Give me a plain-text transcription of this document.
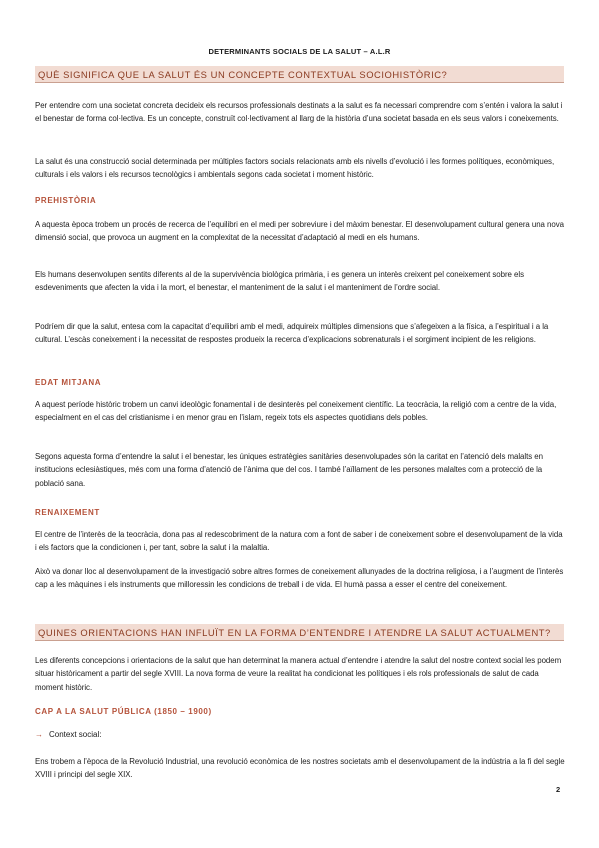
DETERMINANTS SOCIALS DE LA SALUT – A.L.R
QUÈ SIGNIFICA QUE LA SALUT ÉS UN CONCEPTE CONTEXTUAL SOCIOHISTÒRIC?
Per entendre com una societat concreta decideix els recursos professionals destinats a la salut es fa necessari comprendre com s’entén i valora la salut i el benestar de forma col·lectiva. Es un concepte, construït col·lectivament al llarg de la història d’una societat basada en els seus valors i coneixements.
La salut és una construcció social determinada per múltiples factors socials relacionats amb els nivells d’evolució i les formes polítiques, econòmiques, culturals i els valors i els recursos tecnològics i ambientals segons cada societat i moment històric.
PREHISTÒRIA
A aquesta època trobem un procés de recerca de l’equilibri en el medi per sobreviure i del màxim benestar. El desenvolupament cultural genera una nova dimensió social, que provoca un augment en la complexitat de la necessitat d’adaptació al medi en els humans.
Els humans desenvolupen sentits diferents al de la supervivència biològica primària, i es genera un interès creixent pel coneixement sobre els esdeveniments que afecten la vida i la mort, el benestar, el manteniment de la salut i el manteniment de l’ordre social.
Podríem dir que la salut, entesa com la capacitat d’equilibri amb el medi, adquireix múltiples dimensions que s’afegeixen a la física, a l’espiritual i a la cultural. L’escàs coneixement i la necessitat de respostes produeix la recerca d’explicacions sobrenaturals i el sorgiment incipient de les religions.
EDAT MITJANA
A aquest període històric trobem un canvi ideològic fonamental i de desinterès pel coneixement científic. La teocràcia, la religió com a centre de la vida, especialment en el cas del cristianisme i en menor grau en l’islam, regeix tots els aspectes quotidians dels pobles.
Segons aquesta forma d’entendre la salut i el benestar, les úniques estratègies sanitàries desenvolupades són la caritat en l’atenció dels malalts en institucions eclesiàstiques, més com una forma d’atenció de l’ànima que del cos. I també l’aïllament de les persones malaltes com a protecció de la població sana.
RENAIXEMENT
El centre de l’interès de la teocràcia, dona pas al redescobriment de la natura com a font de saber i de coneixement sobre el desenvolupament de la vida i els factors que la condicionen i, per tant, sobre la salut i la malaltia.
Això va donar lloc al desenvolupament de la investigació sobre altres formes de coneixement allunyades de la doctrina religiosa, i a l’augment de l’interès cap a les màquines i els instruments que milloressin les condicions de treball i de vida. El humà passa a esser el centre del coneixement.
QUINES ORIENTACIONS HAN INFLUÏT EN LA FORMA D’ENTENDRE I ATENDRE LA SALUT ACTUALMENT?
Les diferents concepcions i orientacions de la salut que han determinat la manera actual d’entendre i atendre la salut del nostre context social les podem situar històricament a partir del segle XVIII. La nova forma de veure la realitat ha condicionat les polítiques i els rols professionals de salut de cada moment històric.
CAP A LA SALUT PÚBLICA (1850 – 1900)
→ Context social:
Ens trobem a l’època de la Revolució Industrial, una revolució econòmica de les nostres societats amb el desenvolupament de la indústria a la fi del segle XVIII i principi del segle XIX.
2
